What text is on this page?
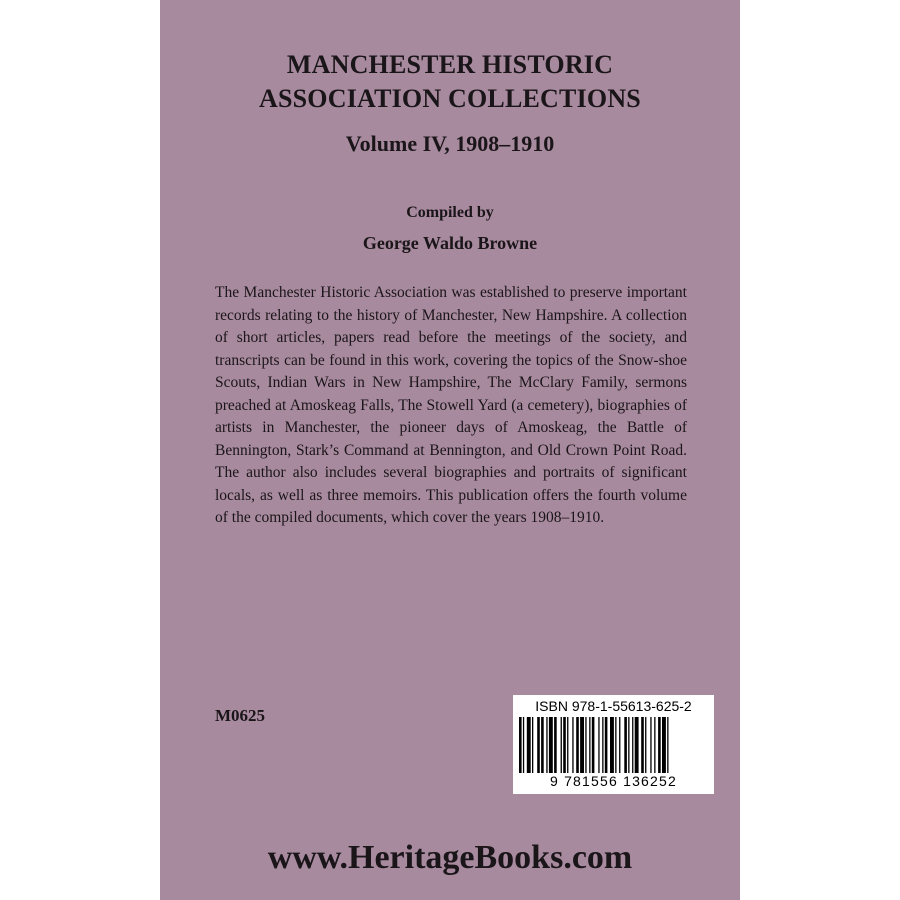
MANCHESTER HISTORIC
ASSOCIATION COLLECTIONS
Volume IV, 1908–1910
Compiled by
George Waldo Browne
The Manchester Historic Association was established to preserve important records relating to the history of Manchester, New Hampshire. A collection of short articles, papers read before the meetings of the society, and transcripts can be found in this work, covering the topics of the Snow-shoe Scouts, Indian Wars in New Hampshire, The McClary Family, sermons preached at Amoskeag Falls, The Stowell Yard (a cemetery), biographies of artists in Manchester, the pioneer days of Amoskeag, the Battle of Bennington, Stark’s Command at Bennington, and Old Crown Point Road. The author also includes several biographies and portraits of significant locals, as well as three memoirs. This publication offers the fourth volume of the compiled documents, which cover the years 1908–1910.
M0625	ISBN 978-1-55613-625-2
9 781556 136252
www.HeritageBooks.com
